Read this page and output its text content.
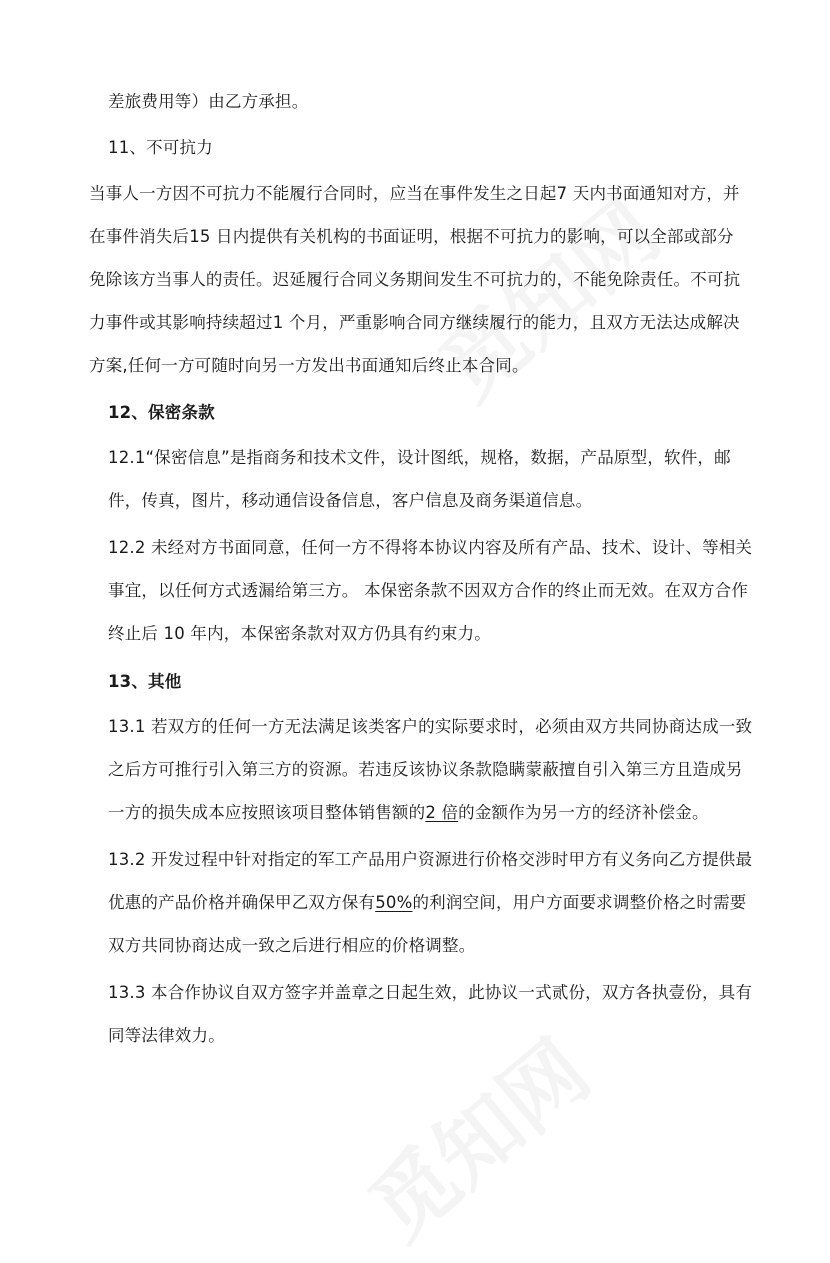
差旅费用等）由乙方承担。
11、不可抗力
当事人一方因不可抗力不能履行合同时，应当在事件发生之日起7 天内书面通知对方，并
在事件消失后15 日内提供有关机构的书面证明，根据不可抗力的影响，可以全部或部分
免除该方当事人的责任。迟延履行合同义务期间发生不可抗力的，不能免除责任。不可抗
力事件或其影响持续超过1 个月，严重影响合同方继续履行的能力，且双方无法达成解决
方案,任何一方可随时向另一方发出书面通知后终止本合同。
12、保密条款
12.1“保密信息”是指商务和技术文件，设计图纸，规格，数据，产品原型，软件，邮
件，传真，图片，移动通信设备信息，客户信息及商务渠道信息。
12.2 未经对方书面同意，任何一方不得将本协议内容及所有产品、技术、设计、等相关
事宜，以任何方式透漏给第三方。 本保密条款不因双方合作的终止而无效。在双方合作
终止后 10 年内，本保密条款对双方仍具有约束力。
13、其他
13.1 若双方的任何一方无法满足该类客户的实际要求时，必须由双方共同协商达成一致
之后方可推行引入第三方的资源。若违反该协议条款隐瞒蒙蔽擅自引入第三方且造成另
一方的损失成本应按照该项目整体销售额的2 倍的金额作为另一方的经济补偿金。
13.2 开发过程中针对指定的军工产品用户资源进行价格交涉时甲方有义务向乙方提供最
优惠的产品价格并确保甲乙双方保有50%的利润空间，用户方面要求调整价格之时需要
双方共同协商达成一致之后进行相应的价格调整。
13.3 本合作协议自双方签字并盖章之日起生效，此协议一式贰份，双方各执壹份，具有
同等法律效力。
